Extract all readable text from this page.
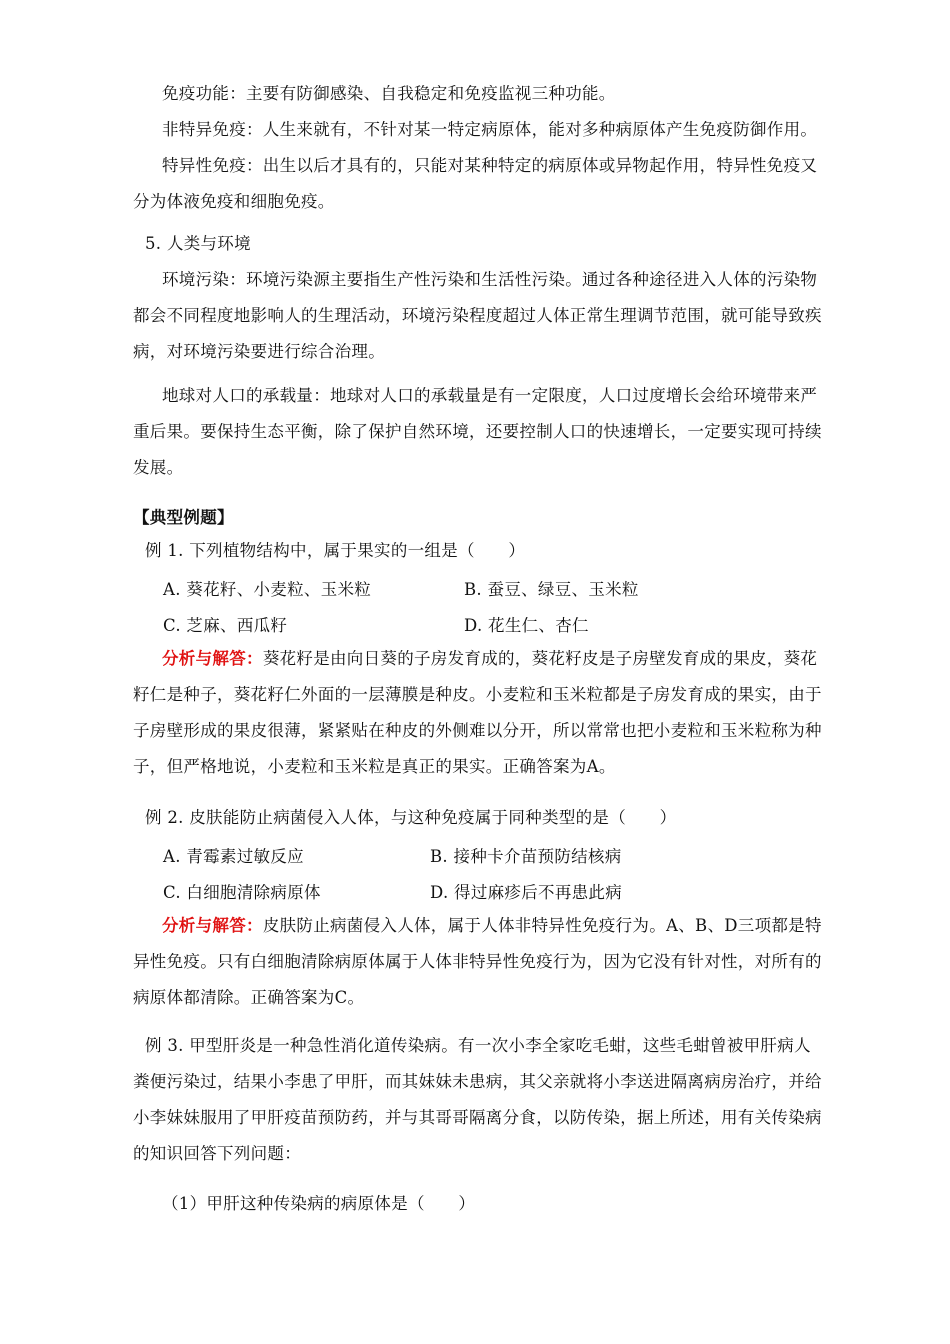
免疫功能：主要有防御感染、自我稳定和免疫监视三种功能。
非特异免疫：人生来就有，不针对某一特定病原体，能对多种病原体产生免疫防御作用。
特异性免疫：出生以后才具有的，只能对某种特定的病原体或异物起作用，特异性免疫又
分为体液免疫和细胞免疫。
5. 人类与环境
环境污染：环境污染源主要指生产性污染和生活性污染。通过各种途径进入人体的污染物
都会不同程度地影响人的生理活动，环境污染程度超过人体正常生理调节范围，就可能导致疾
病，对环境污染要进行综合治理。
地球对人口的承载量：地球对人口的承载量是有一定限度，人口过度增长会给环境带来严
重后果。要保持生态平衡，除了保护自然环境，还要控制人口的快速增长，一定要实现可持续
发展。
【典型例题】
例 1. 下列植物结构中，属于果实的一组是（　　）
A. 葵花籽、小麦粒、玉米粒	B. 蚕豆、绿豆、玉米粒
C. 芝麻、西瓜籽	D. 花生仁、杏仁
分析与解答：葵花籽是由向日葵的子房发育成的，葵花籽皮是子房壁发育成的果皮，葵花
籽仁是种子，葵花籽仁外面的一层薄膜是种皮。小麦粒和玉米粒都是子房发育成的果实，由于
子房壁形成的果皮很薄，紧紧贴在种皮的外侧难以分开，所以常常也把小麦粒和玉米粒称为种
子，但严格地说，小麦粒和玉米粒是真正的果实。正确答案为A。
例 2. 皮肤能防止病菌侵入人体，与这种免疫属于同种类型的是（　　）
A. 青霉素过敏反应	B. 接种卡介苗预防结核病
C. 白细胞清除病原体	D. 得过麻疹后不再患此病
分析与解答：皮肤防止病菌侵入人体，属于人体非特异性免疫行为。A、B、D三项都是特
异性免疫。只有白细胞清除病原体属于人体非特异性免疫行为，因为它没有针对性，对所有的
病原体都清除。正确答案为C。
例 3. 甲型肝炎是一种急性消化道传染病。有一次小李全家吃毛蚶，这些毛蚶曾被甲肝病人
粪便污染过，结果小李患了甲肝，而其妹妹未患病，其父亲就将小李送进隔离病房治疗，并给
小李妹妹服用了甲肝疫苗预防药，并与其哥哥隔离分食，以防传染，据上所述，用有关传染病
的知识回答下列问题：
（1）甲肝这种传染病的病原体是（　　）
